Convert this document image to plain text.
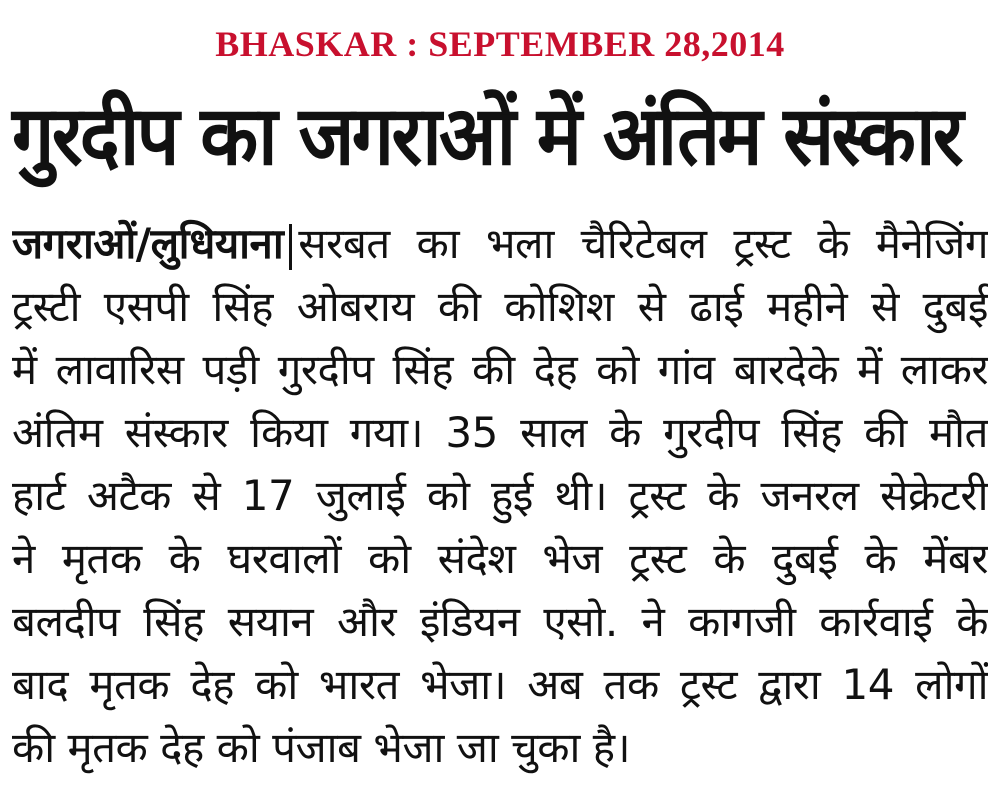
BHASKAR : SEPTEMBER 28,2014
गुरदीप का जगराओं में अंतिम संस्कार
जगराओं/लुधियाना सरबत का भला चैरिटेबल ट्रस्ट के मैनेजिंग
ट्रस्टी एसपी सिंह ओबराय की कोशिश से ढाई महीने से दुबई
में लावारिस पड़ी गुरदीप सिंह की देह को गांव बारदेके में लाकर
अंतिम संस्कार किया गया। 35 साल के गुरदीप सिंह की मौत
हार्ट अटैक से 17 जुलाई को हुई थी। ट्रस्ट के जनरल सेक्रेटरी
ने मृतक के घरवालों को संदेश भेज ट्रस्ट के दुबई के मेंबर
बलदीप सिंह सयान और इंडियन एसो. ने कागजी कार्रवाई के
बाद मृतक देह को भारत भेजा। अब तक ट्रस्ट द्वारा 14 लोगों
की मृतक देह को पंजाब भेजा जा चुका है।
